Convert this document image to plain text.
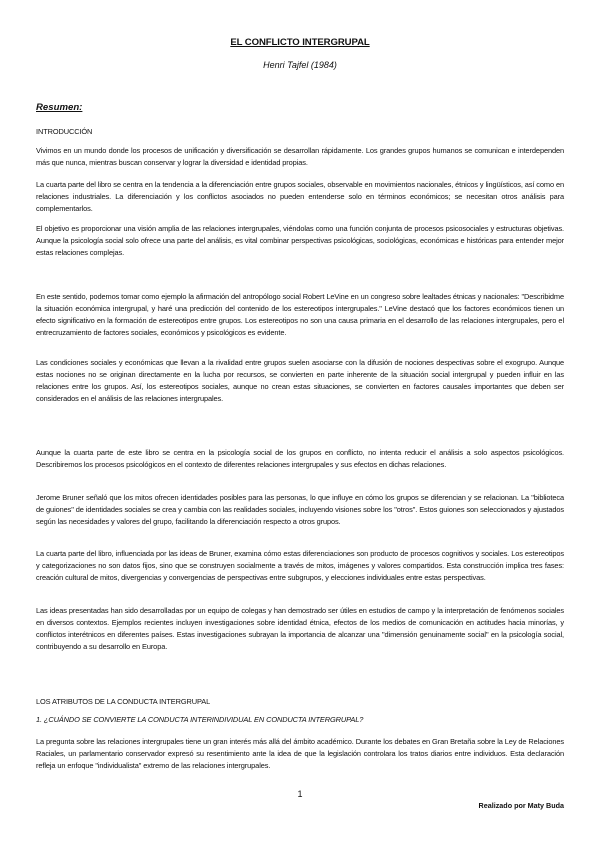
EL CONFLICTO INTERGRUPAL
Henri Tajfel (1984)
Resumen:
INTRODUCCIÓN

Vivimos en un mundo donde los procesos de unificación y diversificación se desarrollan rápidamente. Los grandes grupos humanos se comunican e interdependen más que nunca, mientras buscan conservar y lograr la diversidad e identidad propias.

La cuarta parte del libro se centra en la tendencia a la diferenciación entre grupos sociales, observable en movimientos nacionales, étnicos y lingüísticos, así como en relaciones industriales. La diferenciación y los conflictos asociados no pueden entenderse solo en términos económicos; se necesitan otros análisis para complementarlos.

El objetivo es proporcionar una visión amplia de las relaciones intergrupales, viéndolas como una función conjunta de procesos psicosociales y estructuras objetivas. Aunque la psicología social solo ofrece una parte del análisis, es vital combinar perspectivas psicológicas, sociológicas, económicas e históricas para entender mejor estas relaciones complejas.

En este sentido, podemos tomar como ejemplo la afirmación del antropólogo social Robert LeVine en un congreso sobre lealtades étnicas y nacionales: "Describidme la situación económica intergrupal, y haré una predicción del contenido de los estereotipos intergrupales." LeVine destacó que los factores económicos tienen un efecto significativo en la formación de estereotipos entre grupos. Los estereotipos no son una causa primaria en el desarrollo de las relaciones intergrupales, pero el entrecruzamiento de factores sociales, económicos y psicológicos es evidente.

Las condiciones sociales y económicas que llevan a la rivalidad entre grupos suelen asociarse con la difusión de nociones despectivas sobre el exogrupo. Aunque estas nociones no se originan directamente en la lucha por recursos, se convierten en parte inherente de la situación social intergrupal y pueden influir en las relaciones entre los grupos. Así, los estereotipos sociales, aunque no crean estas situaciones, se convierten en factores causales importantes que deben ser considerados en el análisis de las relaciones intergrupales.

Aunque la cuarta parte de este libro se centra en la psicología social de los grupos en conflicto, no intenta reducir el análisis a solo aspectos psicológicos. Describiremos los procesos psicológicos en el contexto de diferentes relaciones intergrupales y sus efectos en dichas relaciones.

Jerome Bruner señaló que los mitos ofrecen identidades posibles para las personas, lo que influye en cómo los grupos se diferencian y se relacionan. La "biblioteca de guiones" de identidades sociales se crea y cambia con las realidades sociales, incluyendo visiones sobre los "otros". Estos guiones son seleccionados y ajustados según las necesidades y valores del grupo, facilitando la diferenciación respecto a otros grupos.

La cuarta parte del libro, influenciada por las ideas de Bruner, examina cómo estas diferenciaciones son producto de procesos cognitivos y sociales. Los estereotipos y categorizaciones no son datos fijos, sino que se construyen socialmente a través de mitos, imágenes y valores compartidos. Esta construcción implica tres fases: creación cultural de mitos, divergencias y convergencias de perspectivas entre subgrupos, y elecciones individuales entre estas perspectivas.

Las ideas presentadas han sido desarrolladas por un equipo de colegas y han demostrado ser útiles en estudios de campo y la interpretación de fenómenos sociales en diversos contextos. Ejemplos recientes incluyen investigaciones sobre identidad étnica, efectos de los medios de comunicación en actitudes hacia minorías, y conflictos interétnicos en diferentes países. Estas investigaciones subrayan la importancia de alcanzar una "dimensión genuinamente social" en la psicología social, contribuyendo a su desarrollo en Europa.

LOS ATRIBUTOS DE LA CONDUCTA INTERGRUPAL
1. ¿CUÁNDO SE CONVIERTE LA CONDUCTA INTERINDIVIDUAL EN CONDUCTA INTERGRUPAL?

La pregunta sobre las relaciones intergrupales tiene un gran interés más allá del ámbito académico. Durante los debates en Gran Bretaña sobre la Ley de Relaciones Raciales, un parlamentario conservador expresó su resentimiento ante la idea de que la legislación controlara los tratos diarios entre individuos. Esta declaración refleja un enfoque "individualista" extremo de las relaciones intergrupales.

1
Realizado por Maty Buda
